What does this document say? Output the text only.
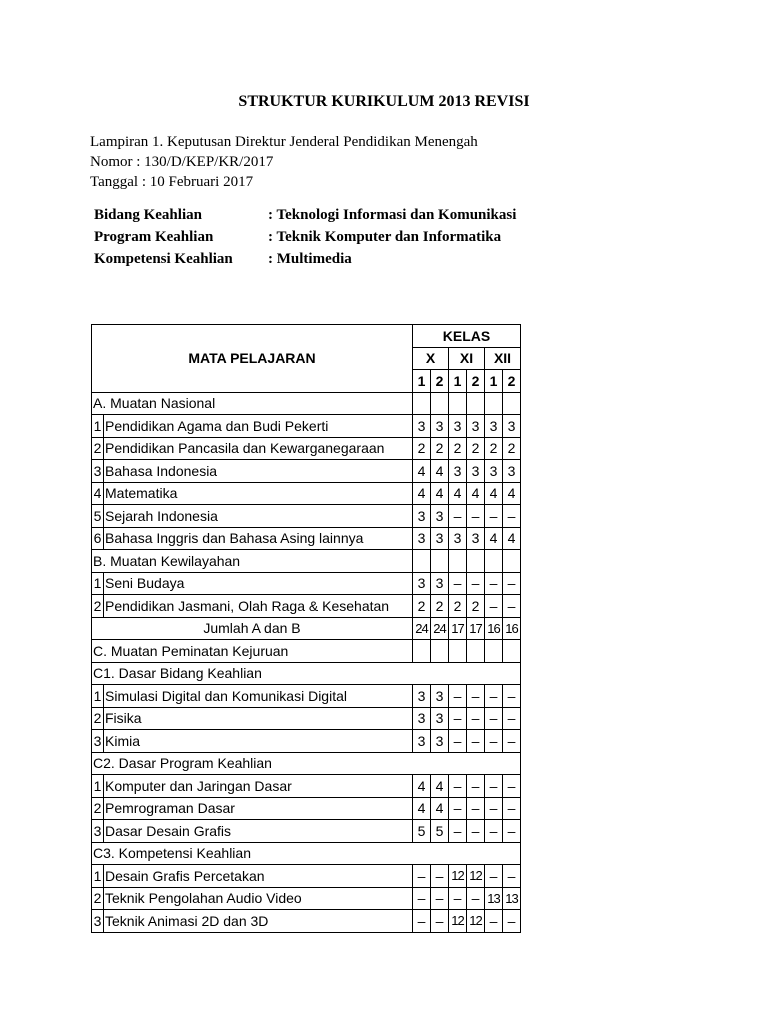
STRUKTUR KURIKULUM 2013 REVISI
Lampiran 1. Keputusan Direktur Jenderal Pendidikan Menengah
Nomor : 130/D/KEP/KR/2017
Tanggal : 10 Februari 2017
Bidang Keahlian	: Teknologi Informasi dan Komunikasi
Program Keahlian	: Teknik Komputer dan Informatika
Kompetensi Keahlian	: Multimedia
MATA PELAJARAN		KELAS					
		X		XI		XII	
		1	2	1	2	1	2
A. Muatan Nasional							
1	Pendidikan Agama dan Budi Pekerti	3	3	3	3	3	3
2	Pendidikan Pancasila dan Kewarganegaraan	2	2	2	2	2	2
3	Bahasa Indonesia	4	4	3	3	3	3
4	Matematika	4	4	4	4	4	4
5	Sejarah Indonesia	3	3	–	–	–	–
6	Bahasa Inggris dan Bahasa Asing lainnya	3	3	3	3	4	4
B. Muatan Kewilayahan							
1	Seni Budaya	3	3	–	–	–	–
2	Pendidikan Jasmani, Olah Raga & Kesehatan	2	2	2	2	–	–
Jumlah A dan B		24	24	17	17	16	16
C. Muatan Peminatan Kejuruan							
C1. Dasar Bidang Keahlian							
1	Simulasi Digital dan Komunikasi Digital	3	3	–	–	–	–
2	Fisika	3	3	–	–	–	–
3	Kimia	3	3	–	–	–	–
C2. Dasar Program Keahlian							
1	Komputer dan Jaringan Dasar	4	4	–	–	–	–
2	Pemrograman Dasar	4	4	–	–	–	–
3	Dasar Desain Grafis	5	5	–	–	–	–
C3. Kompetensi Keahlian							
1	Desain Grafis Percetakan	–	–	12	12	–	–
2	Teknik Pengolahan Audio Video	–	–	–	–	13	13
3	Teknik Animasi 2D dan 3D	–	–	12	12	–	–
